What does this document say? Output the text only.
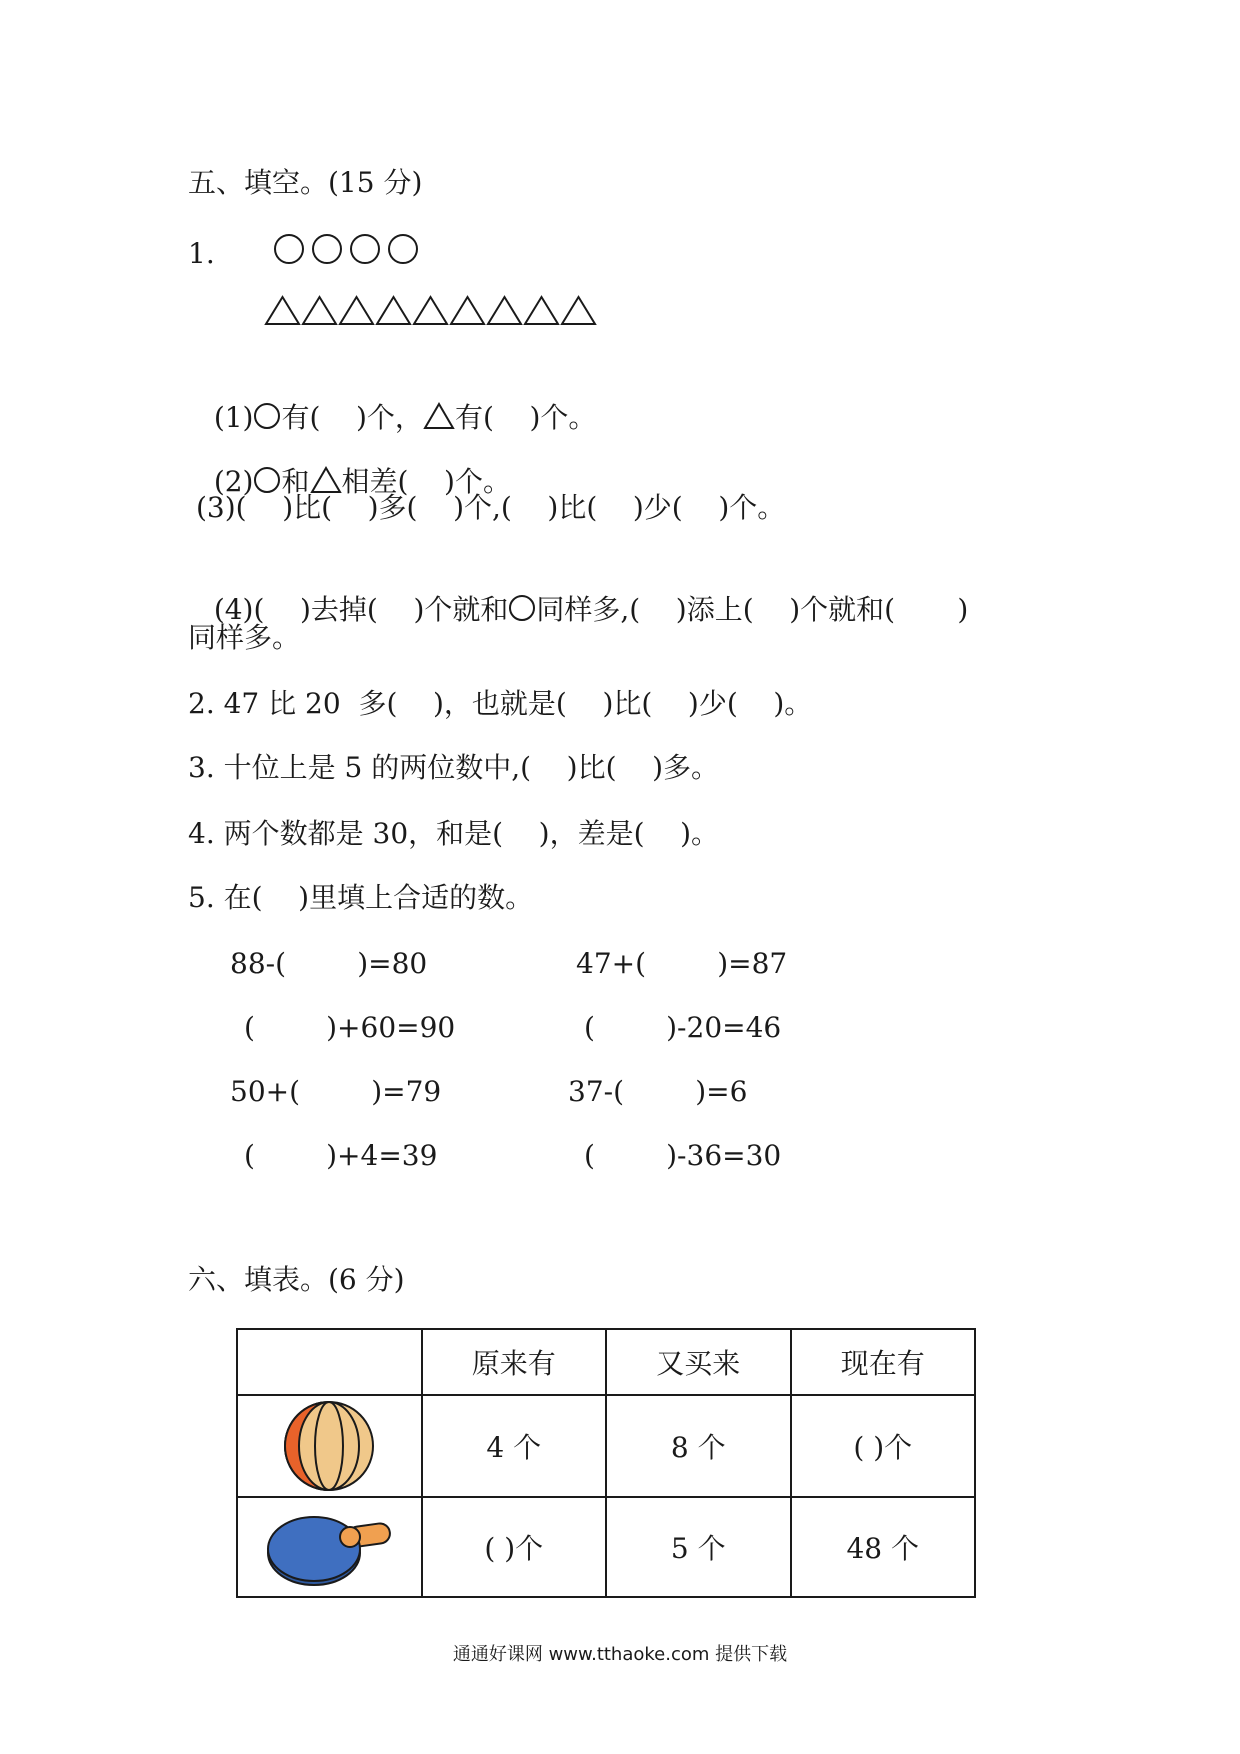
五、填空。(15 分)
1.

(1) 有(    )个， 有(    )个。

(2) 和 相差(    )个。

(3)(    )比(    )多(    )个,(    )比(    )少(    )个。

(4)(    )去掉(    )个就和 同样多,(    )添上(    )个就和(       )

同样多。
2. 47 比 20  多(    )，也就是(    )比(    )少(    )。
3. 十位上是 5 的两位数中,(    )比(    )多。
4. 两个数都是 30，和是(    )，差是(    )。
5. 在(    )里填上合适的数。
88-(        )=80	47+(        )=87
(        )+60=90	(        )-20=46
50+(        )=79	37-(        )=6
(        )+4=39	(        )-36=30
六、填表。(6 分)
	原来有	又买来	现在有

	4 个	8 个	( )个

	( )个	5 个	48 个
通通好课网 www.tthaoke.com 提供下载
